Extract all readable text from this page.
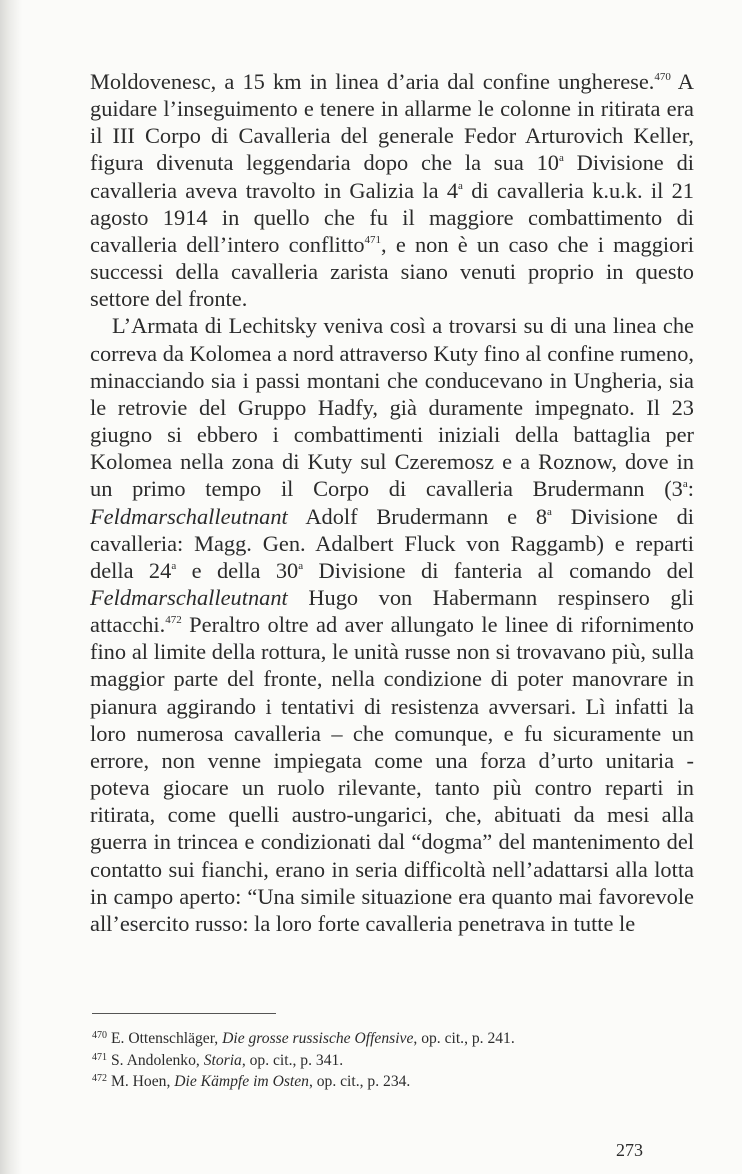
Moldovenesc, a 15 km in linea d’aria dal confine ungherese.$^{470}$ A guidare l’inseguimento e tenere in allarme le colonne in ritirata era il III Corpo di Cavalleria del generale Fedor Arturovich Keller, figura divenuta leggendaria dopo che la sua 10$^a$ Divisione di cavalleria aveva travolto in Galizia la 4$^a$ di cavalleria k.u.k. il 21 agosto 1914 in quello che fu il maggiore combattimento di cavalleria dell’intero conflitto$^{471}$, e non è un caso che i maggiori successi della cavalleria zarista siano venuti proprio in questo settore del fronte.

L’Armata di Lechitsky veniva così a trovarsi su di una linea che correva da Kolomea a nord attraverso Kuty fino al confine rumeno, minacciando sia i passi montani che conducevano in Ungheria, sia le retrovie del Gruppo Hadfy, già duramente impegnato. Il 23 giugno si ebbero i combattimenti iniziali della battaglia per Kolomea nella zona di Kuty sul Czeremosz e a Roznow, dove in un primo tempo il Corpo di cavalleria Brudermann (3$^a$: Feldmarschalleutnant Adolf Brudermann e 8$^a$ Divisione di cavalleria: Magg. Gen. Adalbert Fluck von Raggamb) e reparti della 24$^a$ e della 30$^a$ Divisione di fanteria al comando del Feldmarschalleutnant Hugo von Habermann respinsero gli attacchi.$^{472}$ Peraltro oltre ad aver allungato le linee di rifornimento fino al limite della rottura, le unità russe non si trovavano più, sulla maggior parte del fronte, nella condizione di poter manovrare in pianura aggirando i tentativi di resistenza avversari. Lì infatti la loro numerosa cavalleria – che comunque, e fu sicuramente un errore, non venne impiegata come una forza d’urto unitaria - poteva giocare un ruolo rilevante, tanto più contro reparti in ritirata, come quelli austro-ungarici, che, abituati da mesi alla guerra in trincea e condizionati dal “dogma” del mantenimento del contatto sui fianchi, erano in seria difficoltà nell’adattarsi alla lotta in campo aperto: “Una simile situazione era quanto mai favorevole all’esercito russo: la loro forte cavalleria penetrava in tutte le

$^{470}$ E. Ottenschläger, Die grosse russische Offensive, op. cit., p. 241.

$^{471}$ S. Andolenko, Storia, op. cit., p. 341.

$^{472}$ M. Hoen, Die Kämpfe im Osten, op. cit., p. 234.

273
